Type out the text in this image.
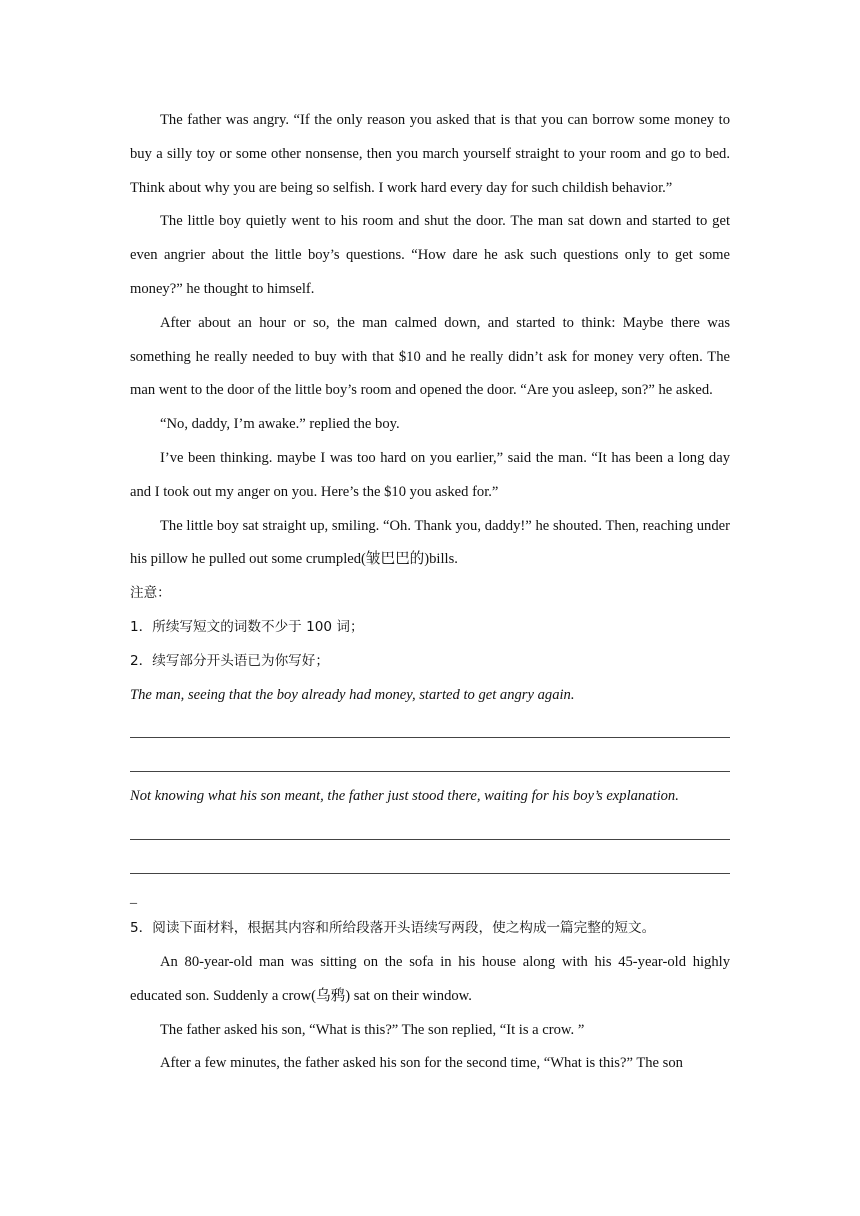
The father was angry. “If the only reason you asked that is that you can borrow some money to buy a silly toy or some other nonsense, then you march yourself straight to your room and go to bed. Think about why you are being so selfish. I work hard every day for such childish behavior.”

The little boy quietly went to his room and shut the door. The man sat down and started to get even angrier about the little boy’s questions. “How dare he ask such questions only to get some money?” he thought to himself.

After about an hour or so, the man calmed down, and started to think: Maybe there was something he really needed to buy with that $10 and he really didn’t ask for money very often. The man went to the door of the little boy’s room and opened the door. “Are you asleep, son?” he asked.

“No, daddy, I’m awake.” replied the boy.

I’ve been thinking. maybe I was too hard on you earlier,” said the man. “It has been a long day and I took out my anger on you. Here’s the $10 you asked for.”

The little boy sat straight up, smiling. “Oh. Thank you, daddy!” he shouted. Then, reaching under his pillow he pulled out some crumpled(皱巴巴的)bills.

注意：

1．所续写短文的词数不少于 100 词；

2．续写部分开头语已为你写好；

The man, seeing that the boy already had money, started to get angry again.

Not knowing what his son meant, the father just stood there, waiting for his boy’s explanation.

_

5．阅读下面材料，根据其内容和所给段落开头语续写两段，使之构成一篇完整的短文。

An 80-year-old man was sitting on the sofa in his house along with his 45-year-old highly educated son. Suddenly a crow(乌鸦) sat on their window.

The father asked his son, “What is this?” The son replied, “It is a crow. ”

After a few minutes, the father asked his son for the second time, “What is this?” The son
